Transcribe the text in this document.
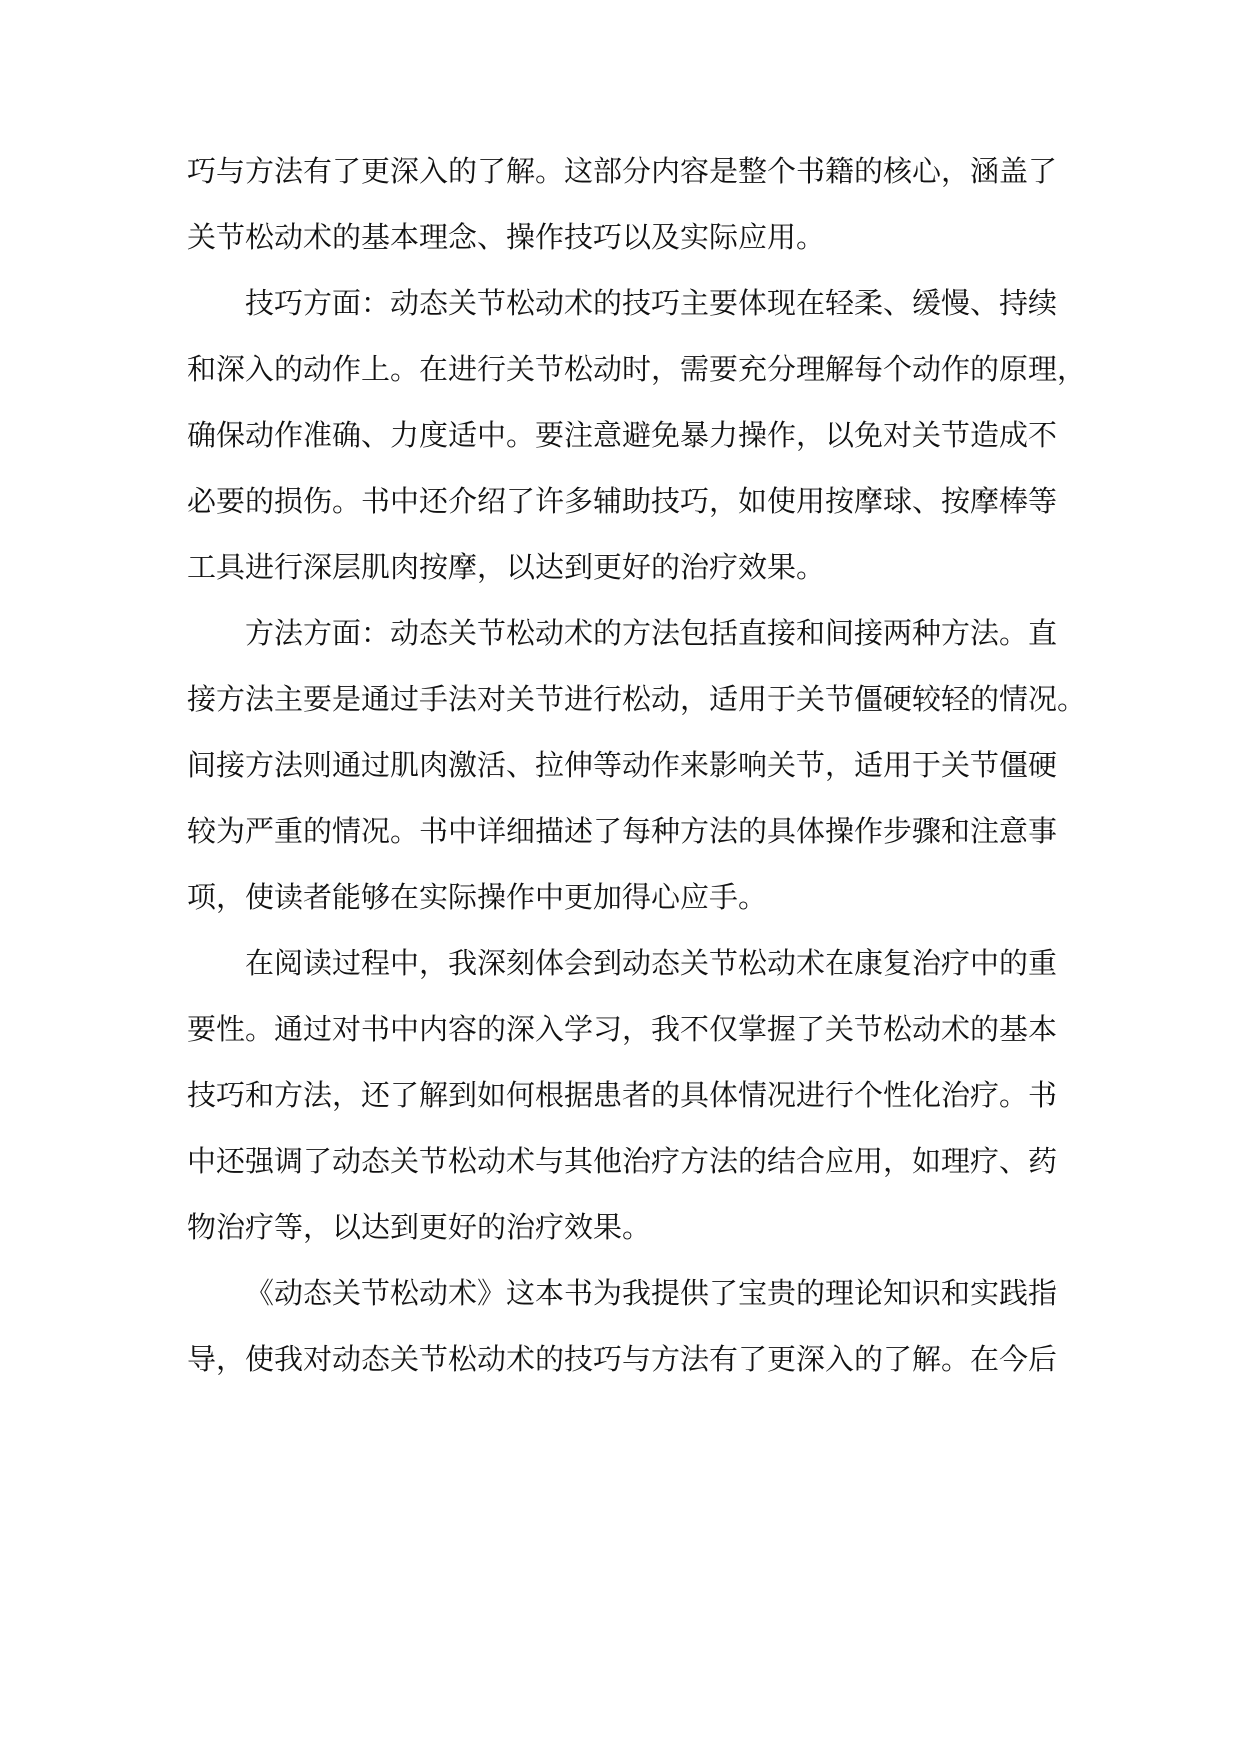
巧与方法有了更深入的了解。这部分内容是整个书籍的核心，涵盖了
关节松动术的基本理念、操作技巧以及实际应用。
技巧方面：动态关节松动术的技巧主要体现在轻柔、缓慢、持续
和深入的动作上。在进行关节松动时，需要充分理解每个动作的原理，
确保动作准确、力度适中。要注意避免暴力操作，以免对关节造成不
必要的损伤。书中还介绍了许多辅助技巧，如使用按摩球、按摩棒等
工具进行深层肌肉按摩，以达到更好的治疗效果。
方法方面：动态关节松动术的方法包括直接和间接两种方法。直
接方法主要是通过手法对关节进行松动，适用于关节僵硬较轻的情况。
间接方法则通过肌肉激活、拉伸等动作来影响关节，适用于关节僵硬
较为严重的情况。书中详细描述了每种方法的具体操作步骤和注意事
项，使读者能够在实际操作中更加得心应手。
在阅读过程中，我深刻体会到动态关节松动术在康复治疗中的重
要性。通过对书中内容的深入学习，我不仅掌握了关节松动术的基本
技巧和方法，还了解到如何根据患者的具体情况进行个性化治疗。书
中还强调了动态关节松动术与其他治疗方法的结合应用，如理疗、药
物治疗等，以达到更好的治疗效果。
《动态关节松动术》这本书为我提供了宝贵的理论知识和实践指
导，使我对动态关节松动术的技巧与方法有了更深入的了解。在今后
